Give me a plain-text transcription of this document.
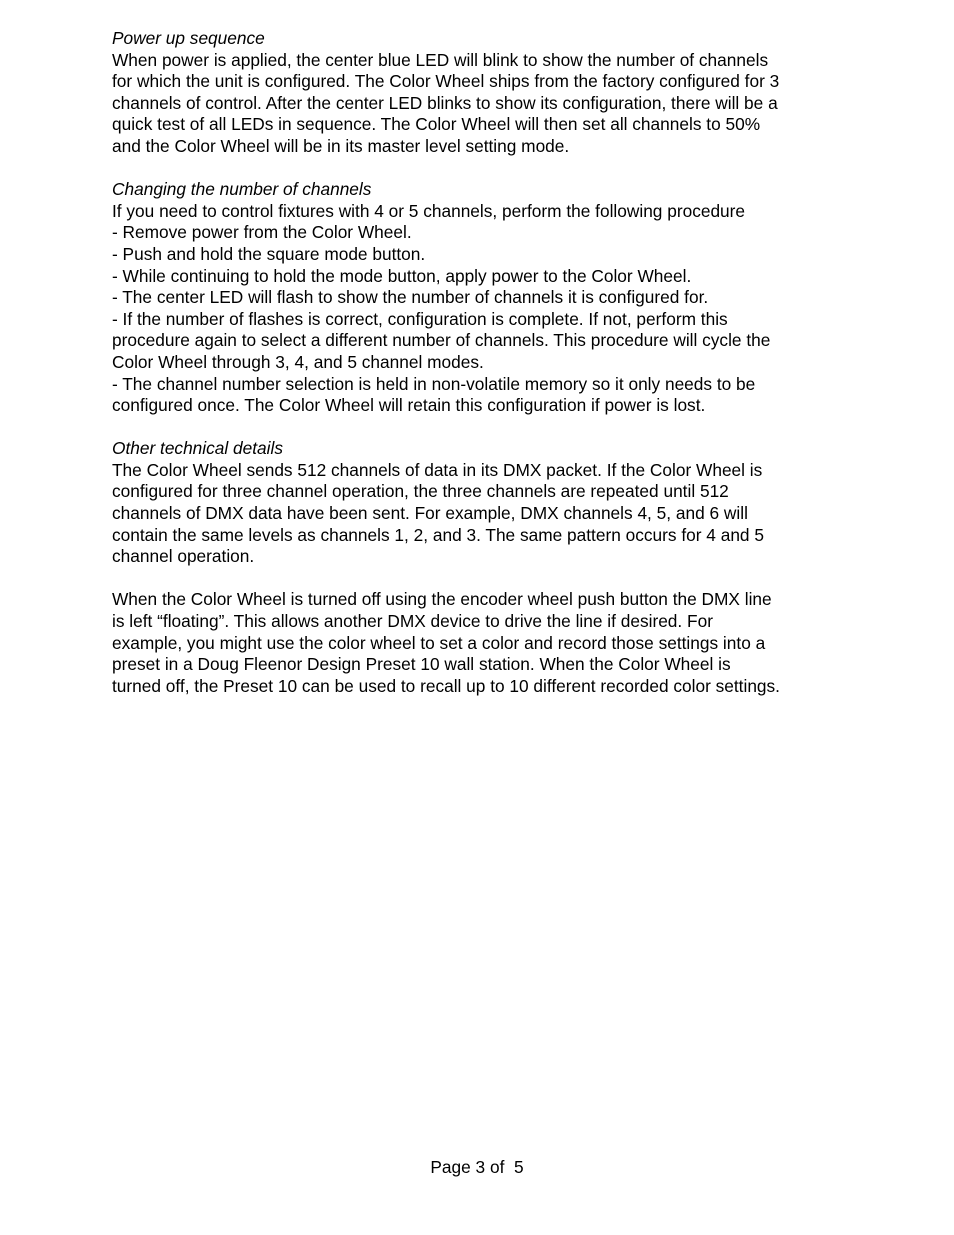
Power up sequence

When power is applied, the center blue LED will blink to show the number of channels

for which the unit is configured. The Color Wheel ships from the factory configured for 3

channels of control. After the center LED blinks to show its configuration, there will be a

quick test of all LEDs in sequence. The Color Wheel will then set all channels to 50%

and the Color Wheel will be in its master level setting mode.

Changing the number of channels

If you need to control fixtures with 4 or 5 channels, perform the following procedure

- Remove power from the Color Wheel.

- Push and hold the square mode button.

- While continuing to hold the mode button, apply power to the Color Wheel.

- The center LED will flash to show the number of channels it is configured for.

- If the number of flashes is correct, configuration is complete. If not, perform this

procedure again to select a different number of channels. This procedure will cycle the

Color Wheel through 3, 4, and 5 channel modes.

- The channel number selection is held in non-volatile memory so it only needs to be

configured once. The Color Wheel will retain this configuration if power is lost.

Other technical details

The Color Wheel sends 512 channels of data in its DMX packet. If the Color Wheel is

configured for three channel operation, the three channels are repeated until 512

channels of DMX data have been sent. For example, DMX channels 4, 5, and 6 will

contain the same levels as channels 1, 2, and 3. The same pattern occurs for 4 and 5

channel operation.

When the Color Wheel is turned off using the encoder wheel push button the DMX line

is left “floating”. This allows another DMX device to drive the line if desired. For

example, you might use the color wheel to set a color and record those settings into a

preset in a Doug Fleenor Design Preset 10 wall station. When the Color Wheel is

turned off, the Preset 10 can be used to recall up to 10 different recorded color settings.

Page 3 of  5
